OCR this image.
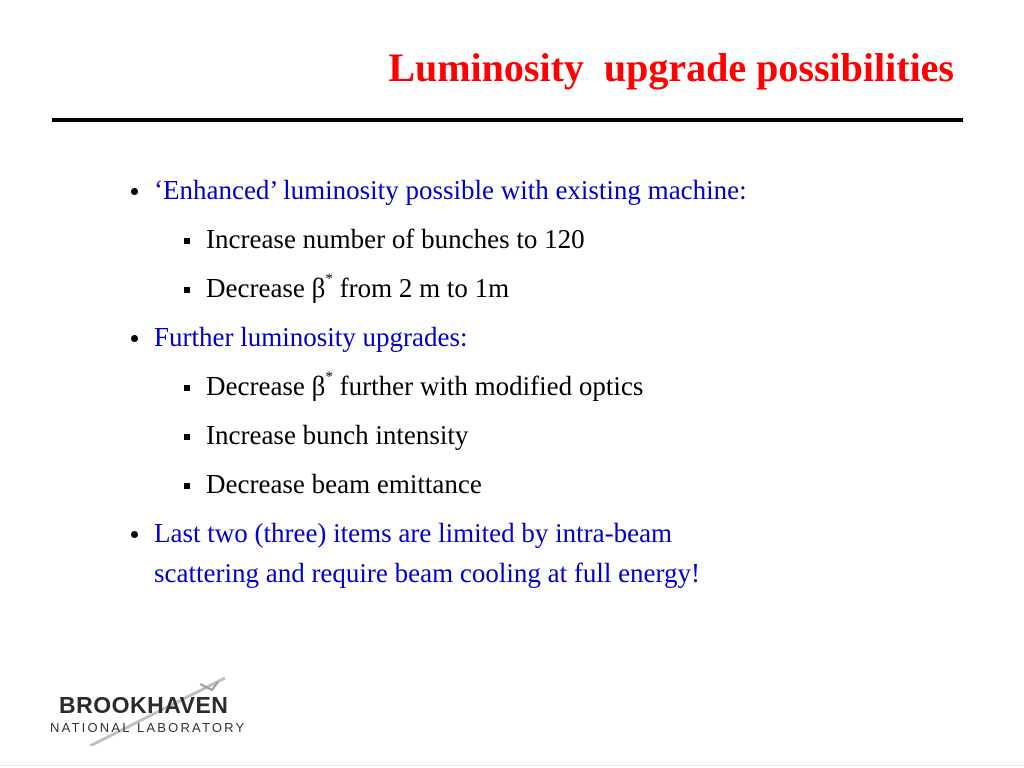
Luminosity  upgrade possibilities
‘Enhanced’ luminosity possible with existing machine:
Increase number of bunches to 120
Decrease β* from 2 m to 1m
Further luminosity upgrades:
Decrease β* further with modified optics
Increase bunch intensity
Decrease beam emittance
Last two (three) items are limited by intra-beam
scattering and require beam cooling at full energy!
BROOKHAVEN
NATIONAL LABORATORY
